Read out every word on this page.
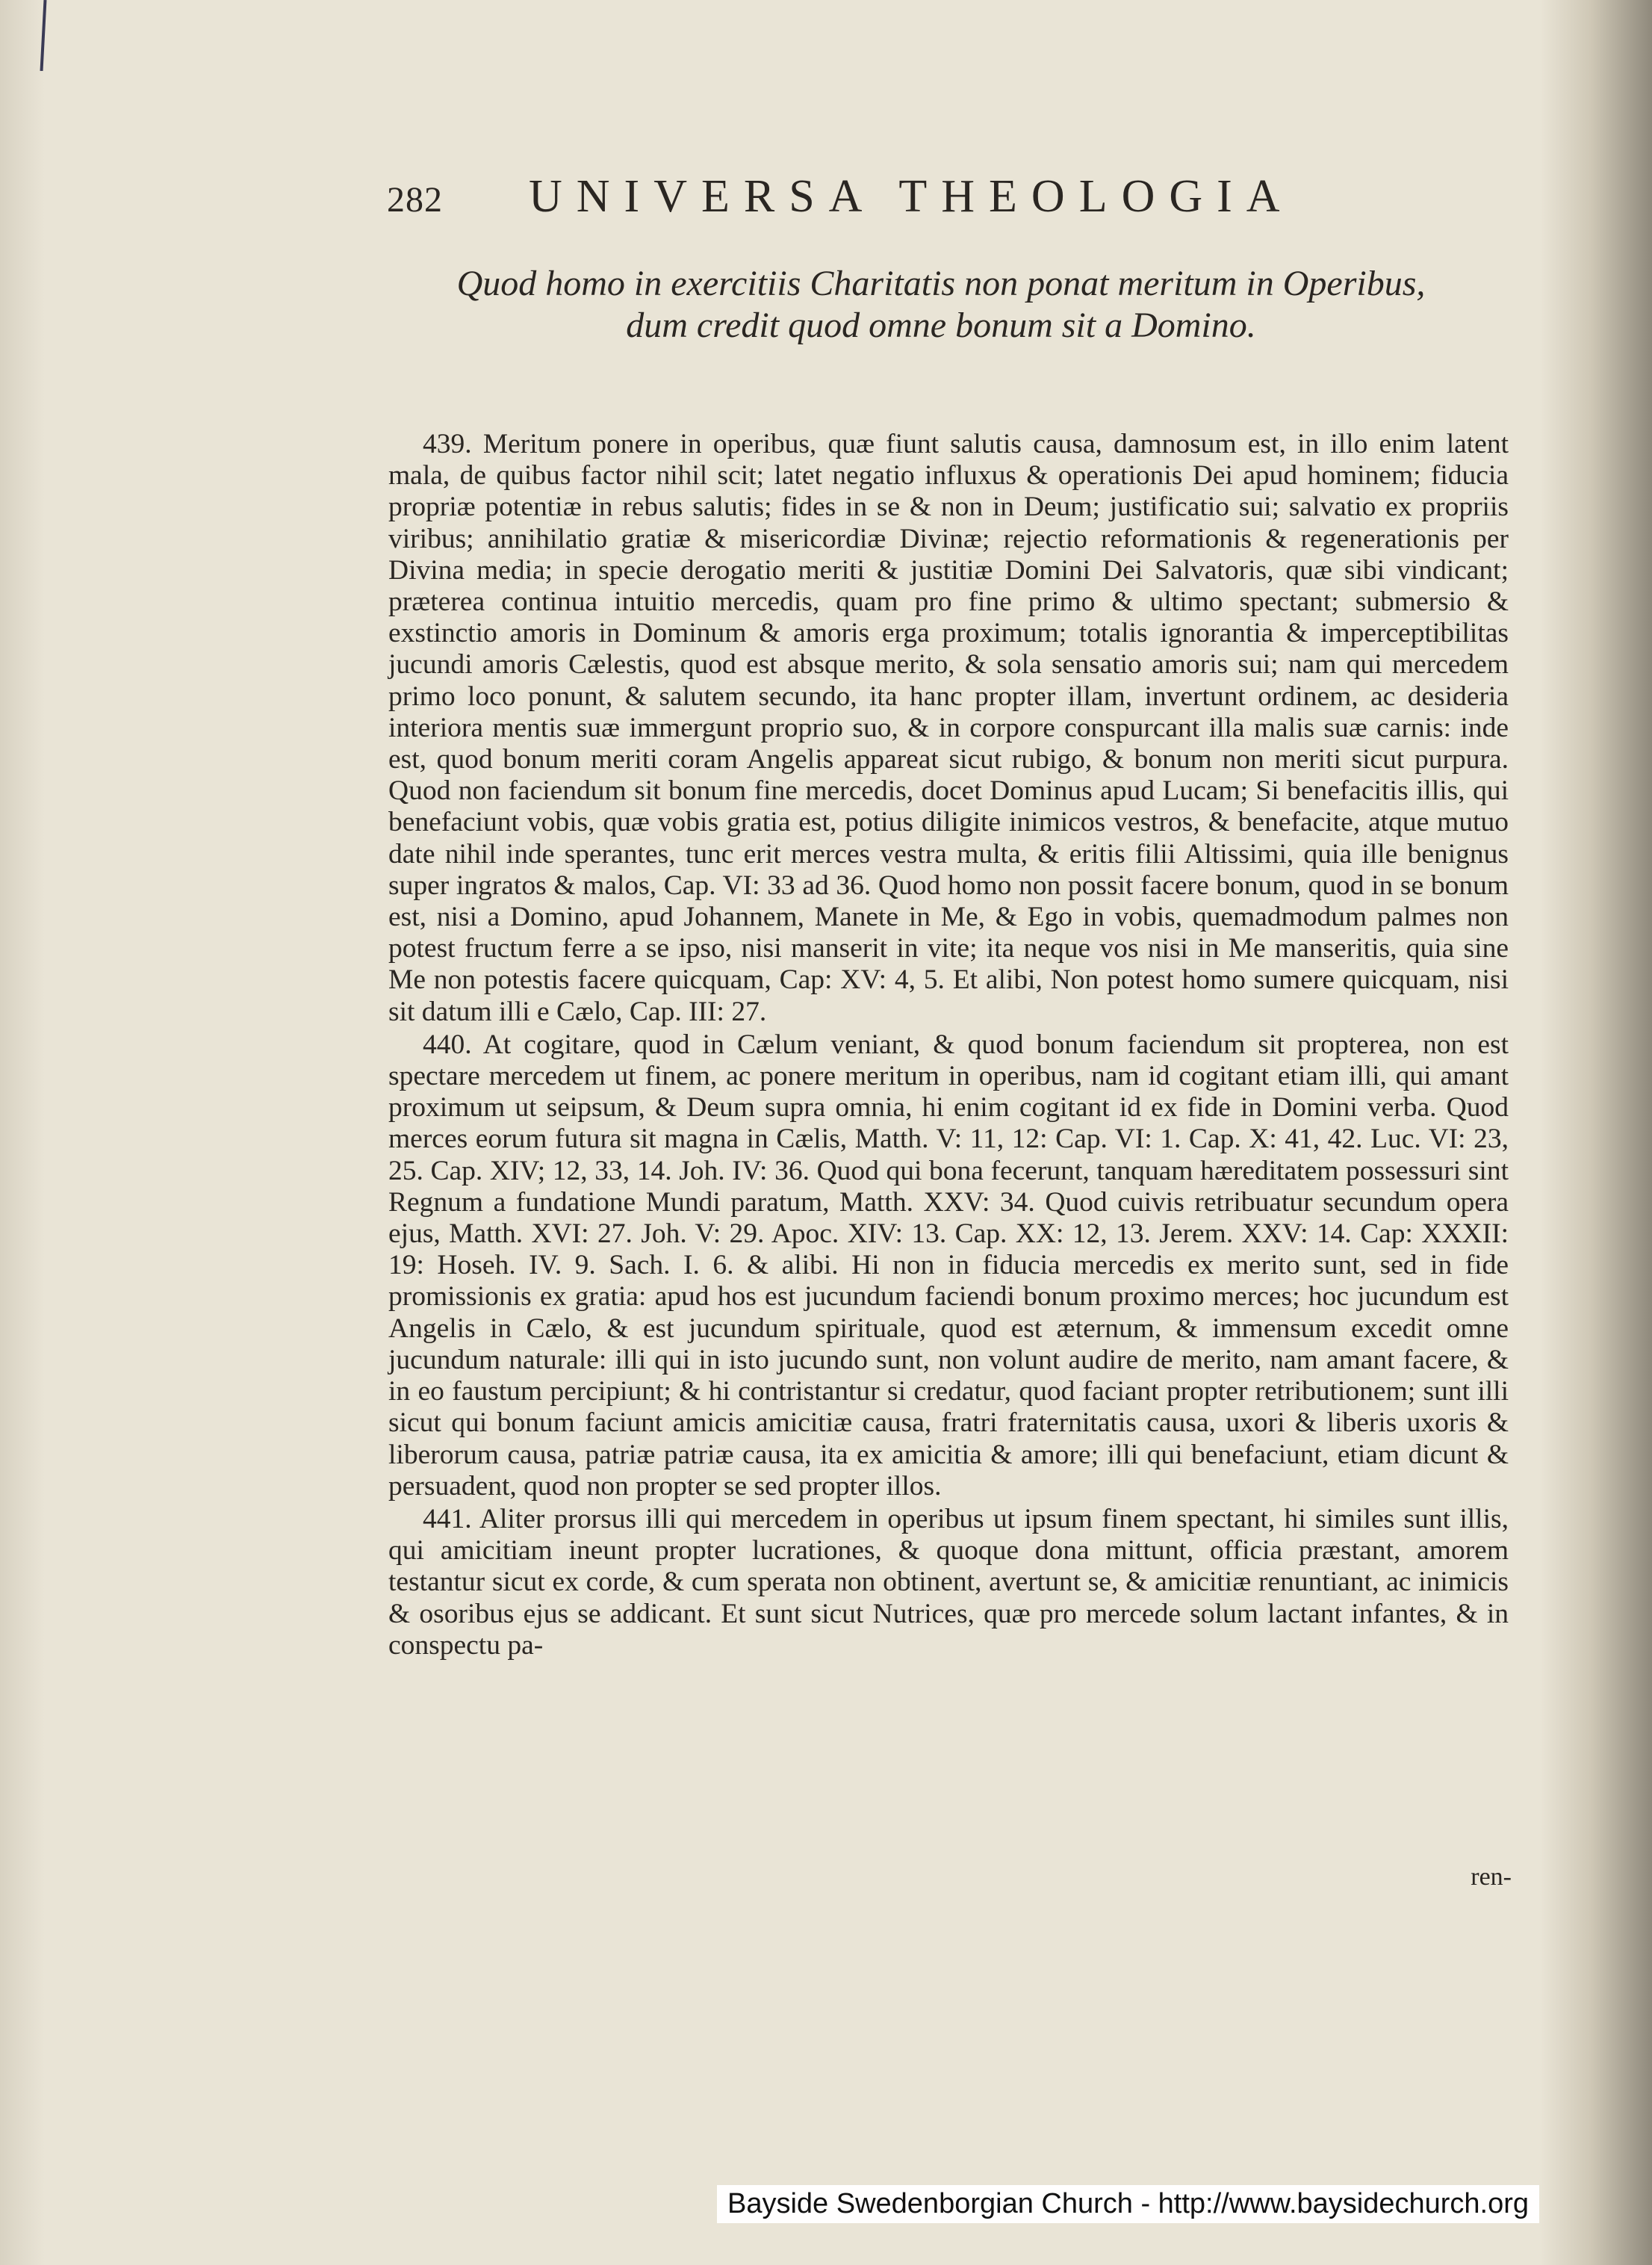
282 UNIVERSA THEOLOGIA
Quod homo in exercitiis Charitatis non ponat meritum in Operibus, dum credit quod omne bonum sit a Domino.

439. Meritum ponere in operibus, quæ fiunt salutis causa, damnosum est, in illo enim latent mala, de quibus factor nihil scit; latet negatio influxus & operationis Dei apud hominem; fiducia propriæ potentiæ in rebus salutis; fides in se & non in Deum; justificatio sui; salvatio ex propriis viribus; annihilatio gratiæ & misericordiæ Divinæ; rejectio reformationis & regenerationis per Divina media; in specie derogatio meriti & justitiæ Domini Dei Salvatoris, quæ sibi vindicant; præterea continua intuitio mercedis, quam pro fine primo & ultimo spectant; submersio & exstinctio amoris in Dominum & amoris erga proximum; totalis ignorantia & imperceptibilitas jucundi amoris Cælestis, quod est absque merito, & sola sensatio amoris sui; nam qui mercedem primo loco ponunt, & salutem secundo, ita hanc propter illam, invertunt ordinem, ac desideria interiora mentis suæ immergunt proprio suo, & in corpore conspurcant illa malis suæ carnis: inde est, quod bonum meriti coram Angelis appareat sicut rubigo, & bonum non meriti sicut purpura. Quod non faciendum sit bonum fine mercedis, docet Dominus apud Lucam; Si benefacitis illis, qui benefaciunt vobis, quæ vobis gratia est, potius diligite inimicos vestros, & benefacite, atque mutuo date nihil inde sperantes, tunc erit merces vestra multa, & eritis filii Altissimi, quia ille benignus super ingratos & malos, Cap. VI: 33 ad 36. Quod homo non possit facere bonum, quod in se bonum est, nisi a Domino, apud Johannem, Manete in Me, & Ego in vobis, quemadmodum palmes non potest fructum ferre a se ipso, nisi manserit in vite; ita neque vos nisi in Me manseritis, quia sine Me non potestis facere quicquam, Cap: XV: 4, 5. Et alibi, Non potest homo sumere quicquam, nisi sit datum illi e Cælo, Cap. III: 27.

440. At cogitare, quod in Cælum veniant, & quod bonum faciendum sit propterea, non est spectare mercedem ut finem, ac ponere meritum in operibus, nam id cogitant etiam illi, qui amant proximum ut seipsum, & Deum supra omnia, hi enim cogitant id ex fide in Domini verba. Quod merces eorum futura sit magna in Cælis, Matth. V: 11, 12: Cap. VI: 1. Cap. X: 41, 42. Luc. VI: 23, 25. Cap. XIV; 12, 33, 14. Joh. IV: 36. Quod qui bona fecerunt, tanquam hæreditatem possessuri sint Regnum a fundatione Mundi paratum, Matth. XXV: 34. Quod cuivis retribuatur secundum opera ejus, Matth. XVI: 27. Joh. V: 29. Apoc. XIV: 13. Cap. XX: 12, 13. Jerem. XXV: 14. Cap: XXXII: 19: Hoseh. IV. 9. Sach. I. 6. & alibi. Hi non in fiducia mercedis ex merito sunt, sed in fide promissionis ex gratia: apud hos est jucundum faciendi bonum proximo merces; hoc jucundum est Angelis in Cælo, & est jucundum spirituale, quod est æternum, & immensum excedit omne jucundum naturale: illi qui in isto jucundo sunt, non volunt audire de merito, nam amant facere, & in eo faustum percipiunt; & hi contristantur si credatur, quod faciant propter retributionem; sunt illi sicut qui bonum faciunt amicis amicitiæ causa, fratri fraternitatis causa, uxori & liberis uxoris & liberorum causa, patriæ patriæ causa, ita ex amicitia & amore; illi qui benefaciunt, etiam dicunt & persuadent, quod non propter se sed propter illos.

441. Aliter prorsus illi qui mercedem in operibus ut ipsum finem spectant, hi similes sunt illis, qui amicitiam ineunt propter lucrationes, & quoque dona mittunt, officia præstant, amorem testantur sicut ex corde, & cum sperata non obtinent, avertunt se, & amicitiæ renuntiant, ac inimicis & osoribus ejus se addicant. Et sunt sicut Nutrices, quæ pro mercede solum lactant infantes, & in conspectu pa-

ren-
Bayside Swedenborgian Church - http://www.baysidechurch.org
